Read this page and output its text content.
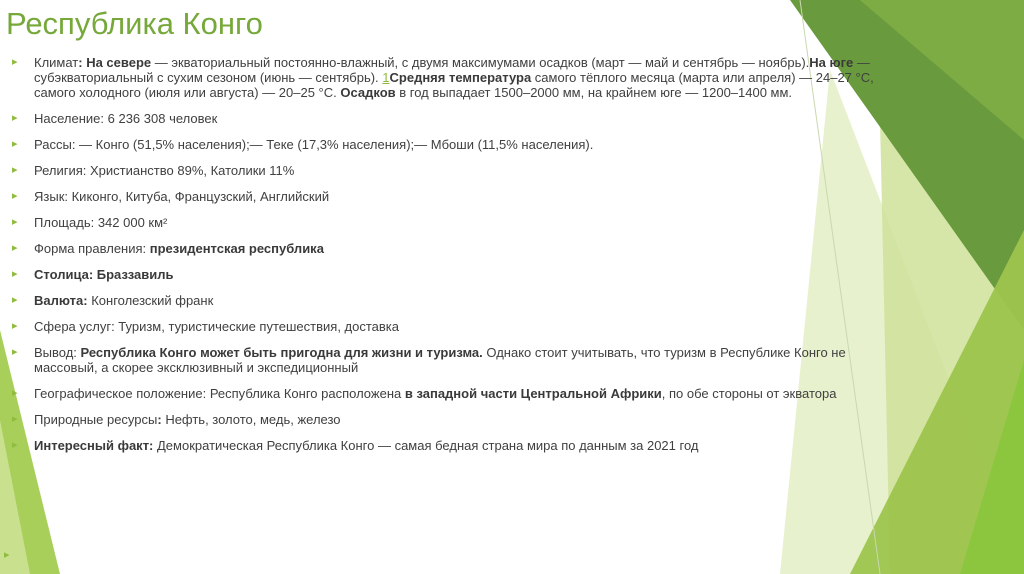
Республика Конго
▸ Климат: На севере — экваториальный постоянно-влажный, с двумя максимумами осадков (март — май и сентябрь — ноябрь).На юге — субэкваториальный с сухим сезоном (июнь — сентябрь). 1Средняя температура самого тёплого месяца (марта или апреля) — 24–27 °C, самого холодного (июля или августа) — 20–25 °C. Осадков в год выпадает 1500–2000 мм, на крайнем юге — 1200–1400 мм.
▸ Население: 6 236 308 человек
▸ Рассы: — Конго (51,5% населения);— Теке (17,3% населения);— Мбоши (11,5% населения).
▸ Религия: Христианство 89%, Католики 11%
▸ Язык: Киконго, Китуба, Французский, Английский
▸ Площадь: 342 000 км²
▸ Форма правления: президентская республика
▸ Столица: Браззавиль
▸ Валюта: Конголезский франк
▸ Сфера услуг: Туризм, туристические путешествия, доставка
▸ Вывод: Республика Конго может быть пригодна для жизни и туризма. Однако стоит учитывать, что туризм в Республике Конго не массовый, а скорее эксклюзивный и экспедиционный
▸ Географическое положение: Республика Конго расположена в западной части Центральной Африки, по обе стороны от экватора
▸ Природные ресурсы: Нефть, золото, медь, железо
▸ Интересный факт: Демократическая Республика Конго — самая бедная страна мира по данным за 2021 год
▸
